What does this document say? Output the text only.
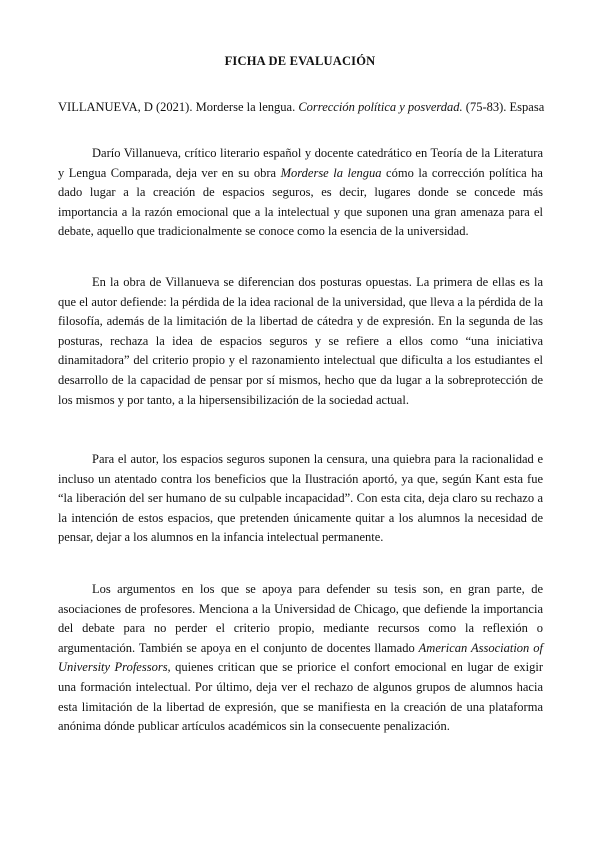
FICHA DE EVALUACIÓN
VILLANUEVA, D (2021). Morderse la lengua. Corrección política y posverdad. (75-83). Espasa

Darío Villanueva, crítico literario español y docente catedrático en Teoría de la Literatura y Lengua Comparada, deja ver en su obra Morderse la lengua cómo la corrección política ha dado lugar a la creación de espacios seguros, es decir, lugares donde se concede más importancia a la razón emocional que a la intelectual y que suponen una gran amenaza para el debate, aquello que tradicionalmente se conoce como la esencia de la universidad.

En la obra de Villanueva se diferencian dos posturas opuestas. La primera de ellas es la que el autor defiende: la pérdida de la idea racional de la universidad, que lleva a la pérdida de la filosofía, además de la limitación de la libertad de cátedra y de expresión. En la segunda de las posturas, rechaza la idea de espacios seguros y se refiere a ellos como “una iniciativa dinamitadora” del criterio propio y el razonamiento intelectual que dificulta a los estudiantes el desarrollo de la capacidad de pensar por sí mismos, hecho que da lugar a la sobreprotección de los mismos y por tanto, a la hipersensibilización de la sociedad actual.

Para el autor, los espacios seguros suponen la censura, una quiebra para la racionalidad e incluso un atentado contra los beneficios que la Ilustración aportó, ya que, según Kant esta fue “la liberación del ser humano de su culpable incapacidad”. Con esta cita, deja claro su rechazo a la intención de estos espacios, que pretenden únicamente quitar a los alumnos la necesidad de pensar, dejar a los alumnos en la infancia intelectual permanente.

Los argumentos en los que se apoya para defender su tesis son, en gran parte, de asociaciones de profesores. Menciona a la Universidad de Chicago, que defiende la importancia del debate para no perder el criterio propio, mediante recursos como la reflexión o argumentación. También se apoya en el conjunto de docentes llamado American Association of University Professors, quienes critican que se priorice el confort emocional en lugar de exigir una formación intelectual. Por último, deja ver el rechazo de algunos grupos de alumnos hacia esta limitación de la libertad de expresión, que se manifiesta en la creación de una plataforma anónima dónde publicar artículos académicos sin la consecuente penalización.
